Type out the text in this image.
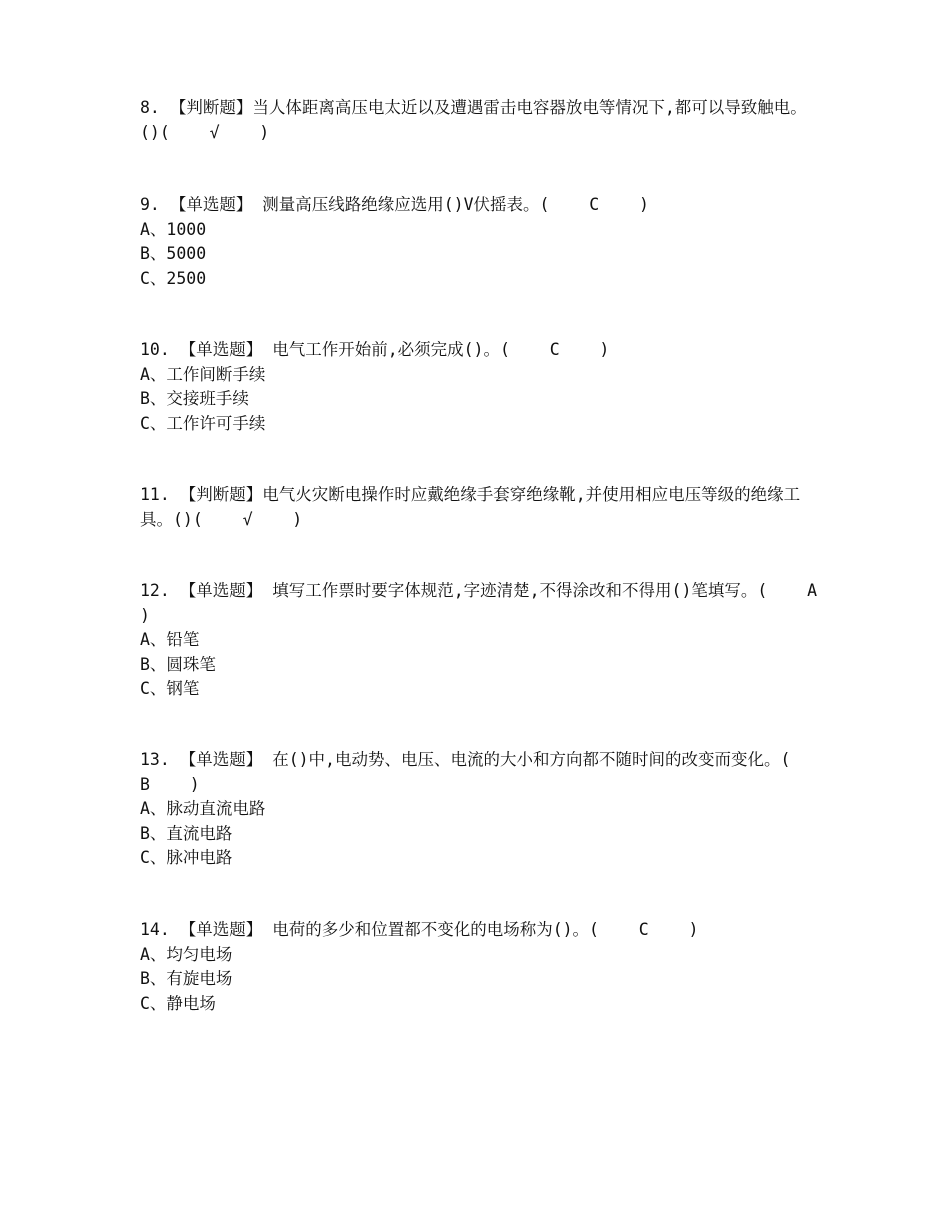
8. 【判断题】当人体距离高压电太近以及遭遇雷击电容器放电等情况下,都可以导致触电。()( √ )
9. 【单选题】 测量高压线路绝缘应选用()V伏摇表。( C )
A、1000
B、5000
C、2500
10. 【单选题】 电气工作开始前,必须完成()。( C )
A、工作间断手续
B、交接班手续
C、工作许可手续
11. 【判断题】电气火灾断电操作时应戴绝缘手套穿绝缘靴,并使用相应电压等级的绝缘工具。()( √ )
12. 【单选题】 填写工作票时要字体规范,字迹清楚,不得涂改和不得用()笔填写。( A    )
A、铅笔
B、圆珠笔
C、钢笔
13. 【单选题】 在()中,电动势、电压、电流的大小和方向都不随时间的改变而变化。(    B )
A、脉动直流电路
B、直流电路
C、脉冲电路
14. 【单选题】 电荷的多少和位置都不变化的电场称为()。( C )
A、均匀电场
B、有旋电场
C、静电场
